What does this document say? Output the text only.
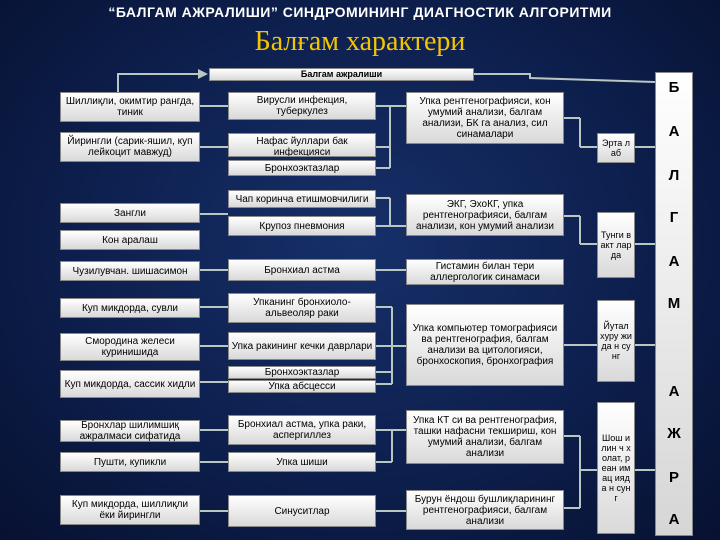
“БАЛГАМ АЖРАЛИШИ” СИНДРОМИНИНГ ДИАГНОСТИК АЛГОРИТМИ
Балғам характери
Балгам ажралиши
Шиллиқли, окимтир рангда, тиник
Йирингли (сарик-яшил, куп лейкоцит мавжуд)
Зангли
Кон аралаш
Чузилувчан. шишасимон
Куп микдорда, сувли
Смородина желеси куринишида
Куп микдорда, сассик хидли
Бронхлар шилимшиқ ажралмаси сифатида
Пушти, купикли
Куп микдорда, шиллиқли ёки йирингли
Вирусли инфекция, туберкулез
Нафас йуллари бак инфекцияси
Бронхоэктазлар
Чап коринча етишмовчилиги
Крупоз пневмония
Бронхиал астма
Упканинг бронхиоло-альвеоляр раки
Упка ракининг кечки даврлари
Бронхоэктазлар
Упка абсцесси
Бронхиал астма, упка раки, аспергиллез
Упка шиши
Синуситлар
Упка рентгенографияси, кон умумий анализи, балгам анализи, БК га анализ, сил синамалари
ЭКГ, ЭхоКГ, упка рентгенографияси, балгам анализи, кон умумий анализи
Гистамин билан тери аллергологик синамаси
Упка компьютер томографияси ва рентгенография, балгам анализи ва цитологияси, бронхоскопия, бронхография
Упка КТ си ва рентгенография, ташки нафасни текшириш, кон умумий анализи, балгам анализи
Бурун ёндош бушлиқларининг рентгенографияси, балгам анализи
Эрта лаб
Тунги вакт ларда
Йутал хуру жида н сунг
Шош илин ч холат, реан имац ияда н сунг
Б
А
Л
Г
А
М
А
Ж
Р
А
